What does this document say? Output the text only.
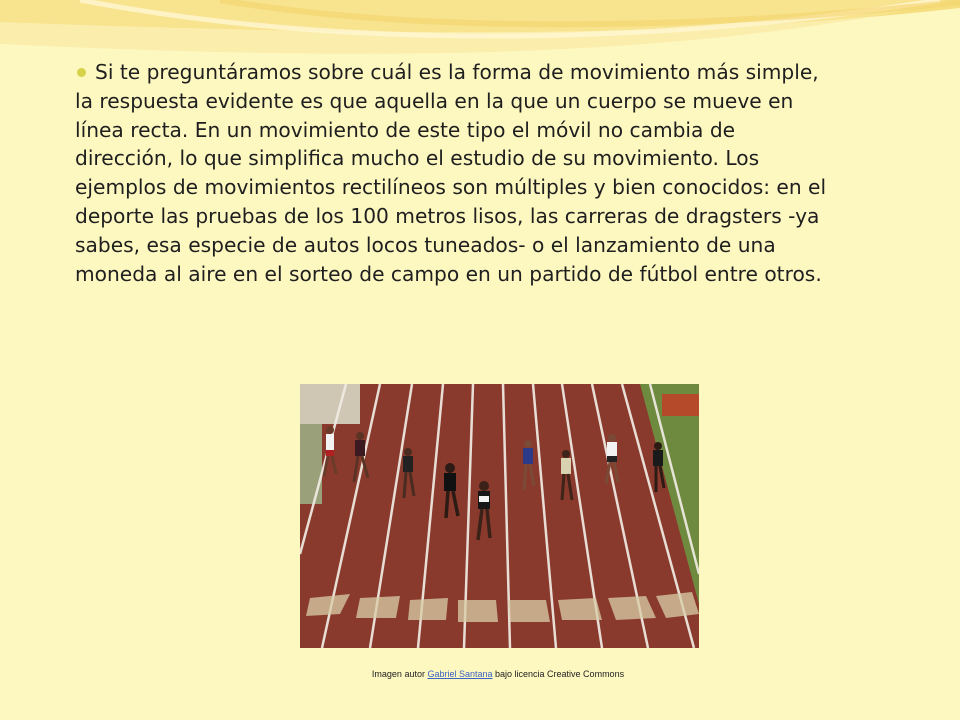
Si te preguntáramos sobre cuál es la forma de movimiento más simple, la respuesta evidente es que aquella en la que un cuerpo se mueve en línea recta. En un movimiento de este tipo el móvil no cambia de dirección, lo que simplifica mucho el estudio de su movimiento. Los ejemplos de movimientos rectilíneos son múltiples y bien conocidos: en el deporte las pruebas de los 100 metros lisos, las carreras de dragsters -ya sabes, esa especie de autos locos tuneados- o el lanzamiento de una moneda al aire en el sorteo de campo en un partido de fútbol entre otros.
Imagen autor Gabriel Santana bajo licencia Creative Commons
